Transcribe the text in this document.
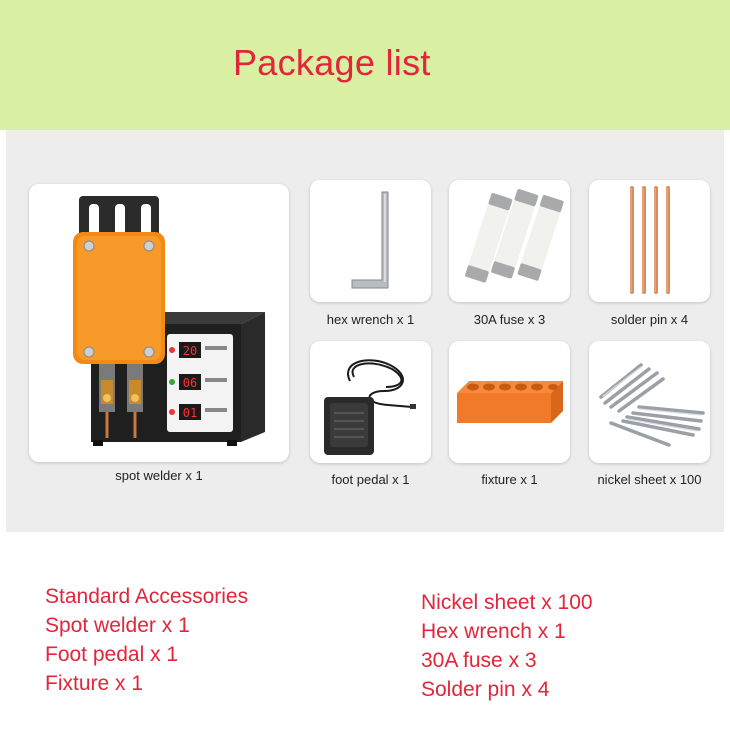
Package list
20
06
01
spot welder x 1
hex wrench x 1	30A fuse x 3	solder pin x 4
foot pedal x 1	fixture x 1	nickel sheet x 100
Standard Accessories
Spot welder x 1
Foot pedal x 1
Fixture x 1
Nickel sheet x 100
Hex wrench x 1
30A fuse x 3
Solder pin x 4
